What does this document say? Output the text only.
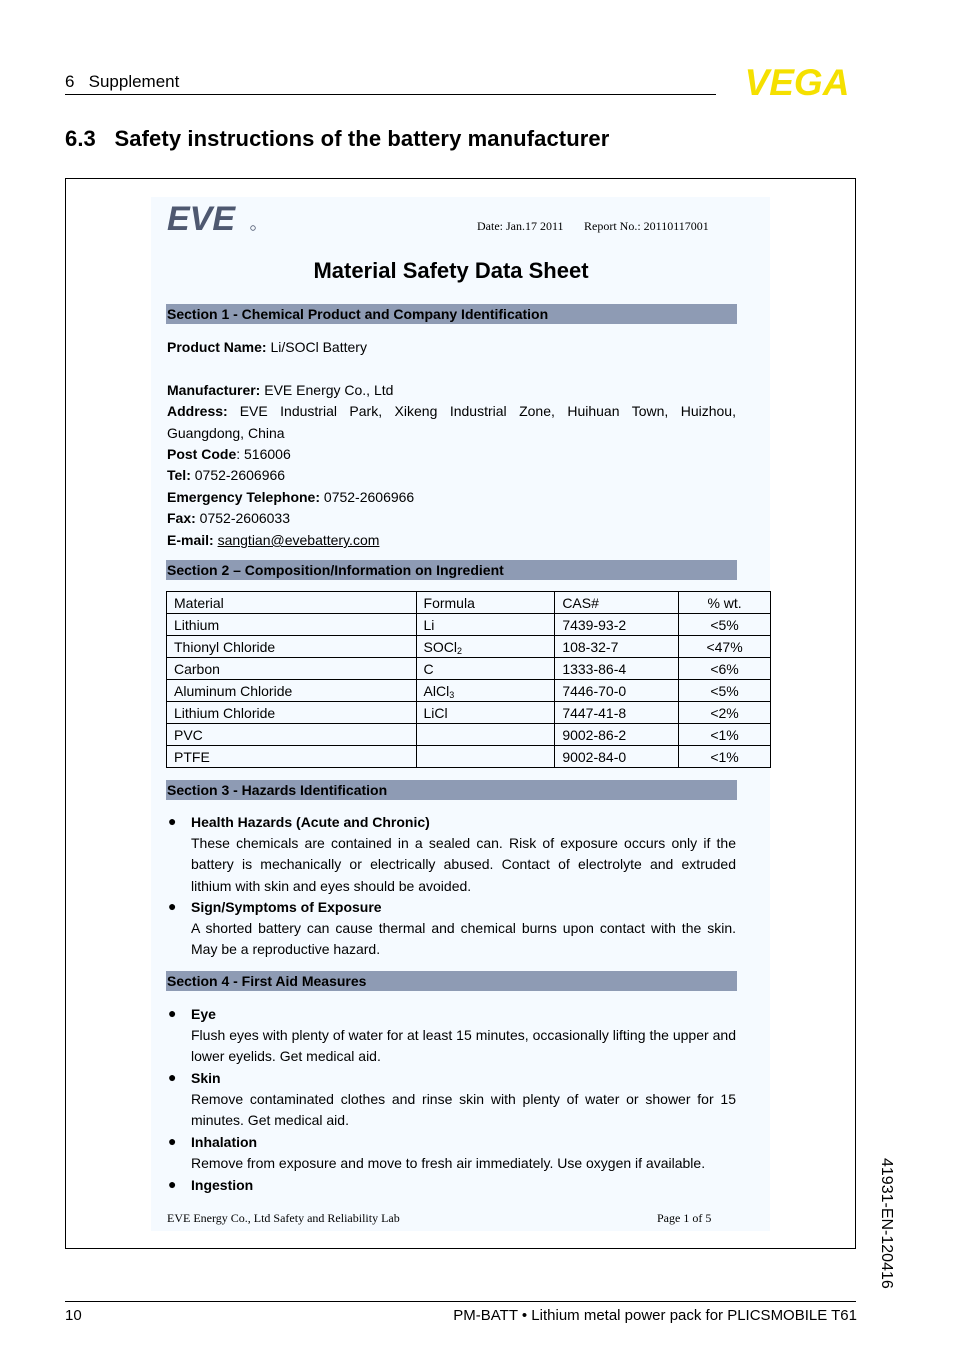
6   Supplement	VEGA
6.3   Safety instructions of the battery manufacturer
EVE	Date: Jan.17 2011 Report No.: 20110117001
Material Safety Data Sheet
Section 1 - Chemical Product and Company Identification
Product Name: Li/SOCl Battery
Manufacturer: EVE Energy Co., Ltd
Address: EVE Industrial Park, Xikeng Industrial Zone, Huihuan Town, Huizhou,
Guangdong, China
Post Code: 516006
Tel: 0752-2606966
Emergency Telephone: 0752-2606966
Fax: 0752-2606033
E-mail: sangtian@evebattery.com
Section 2 – Composition/Information on Ingredient
Material	Formula	CAS#	% wt.
Lithium	Li	7439-93-2	<5%
Thionyl Chloride	SOCl$_2$	108-32-7	<47%
Carbon	C	1333-86-4	<6%
Aluminum Chloride	AlCl$_3$	7446-70-0	<5%
Lithium Chloride	LiCl	7447-41-8	<2%
PVC		9002-86-2	<1%
PTFE		9002-84-0	<1%
Section 3 - Hazards Identification
● Health Hazards (Acute and Chronic)
These chemicals are contained in a sealed can. Risk of exposure occurs only if the battery is mechanically or electrically abused. Contact of electrolyte and extruded lithium with skin and eyes should be avoided.
● Sign/Symptoms of Exposure
A shorted battery can cause thermal and chemical burns upon contact with the skin. May be a reproductive hazard.
Section 4 - First Aid Measures
● Eye
Flush eyes with plenty of water for at least 15 minutes, occasionally lifting the upper and lower eyelids. Get medical aid.
● Skin
Remove contaminated clothes and rinse skin with plenty of water or shower for 15 minutes. Get medical aid.
● Inhalation
Remove from exposure and move to fresh air immediately. Use oxygen if available.
● Ingestion
EVE Energy Co., Ltd Safety and Reliability Lab	Page 1 of 5
10	PM-BATT • Lithium metal power pack for PLICSMOBILE T61
41931-EN-120416
